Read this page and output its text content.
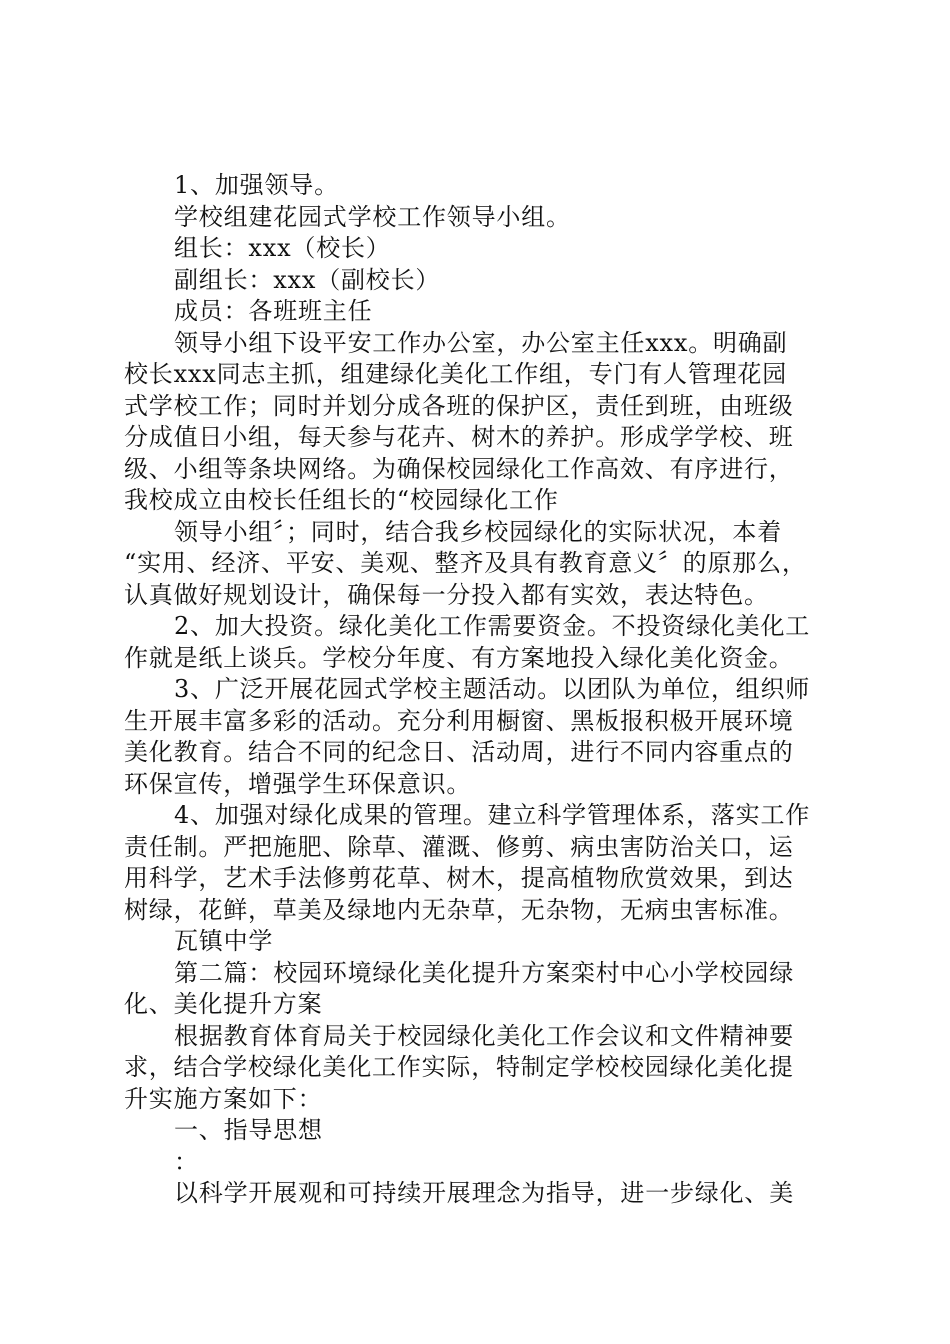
1、加强领导。
学校组建花园式学校工作领导小组。
组长：xxx（校长）
副组长：xxx（副校长）
成员：各班班主任
领导小组下设平安工作办公室，办公室主任xxx。明确副
校长xxx同志主抓，组建绿化美化工作组，专门有人管理花园
式学校工作；同时并划分成各班的保护区，责任到班，由班级
分成值日小组，每天参与花卉、树木的养护。形成学学校、班
级、小组等条块网络。为确保校园绿化工作高效、有序进行，
我校成立由校长任组长的“校园绿化工作
领导小组〞；同时，结合我乡校园绿化的实际状况，本着
“实用、经济、平安、美观、整齐及具有教育意义〞的原那么，
认真做好规划设计，确保每一分投入都有实效，表达特色。
2、加大投资。绿化美化工作需要资金。不投资绿化美化工
作就是纸上谈兵。学校分年度、有方案地投入绿化美化资金。
3、广泛开展花园式学校主题活动。以团队为单位，组织师
生开展丰富多彩的活动。充分利用橱窗、黑板报积极开展环境
美化教育。结合不同的纪念日、活动周，进行不同内容重点的
环保宣传，增强学生环保意识。
4、加强对绿化成果的管理。建立科学管理体系，落实工作
责任制。严把施肥、除草、灌溉、修剪、病虫害防治关口，运
用科学，艺术手法修剪花草、树木，提高植物欣赏效果，到达
树绿，花鲜，草美及绿地内无杂草，无杂物，无病虫害标准。
瓦镇中学
第二篇：校园环境绿化美化提升方案栾村中心小学校园绿
化、美化提升方案
根据教育体育局关于校园绿化美化工作会议和文件精神要
求，结合学校绿化美化工作实际，特制定学校校园绿化美化提
升实施方案如下：
一、指导思想
：
以科学开展观和可持续开展理念为指导，进一步绿化、美
